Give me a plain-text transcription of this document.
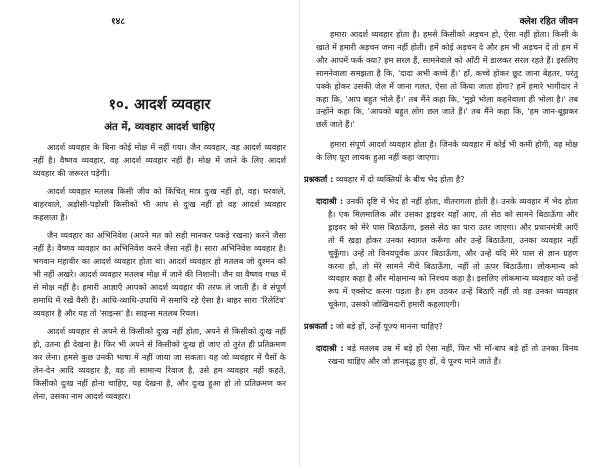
१४८
१०. आदर्श व्यवहार
अंत में, व्यवहार आदर्श चाहिए

आदर्श व्यवहार के बिना कोई मोक्ष में नहीं गया। जैन व्यवहार, वह आदर्श व्यवहार नहीं है। वैष्णव व्यवहार, वह आदर्श व्यवहार नहीं है। मोक्ष में जाने के लिए आदर्श व्यवहार की जरूरत पड़ेगी।

आदर्श व्यवहार मतलब किसी जीव को किंचित् मात्र दुःख नहीं हो, वह। घरवाले, बाहरवाले, अड़ोसी-पड़ोसी किसीको भी आप से दुःख नहीं हो वह आदर्श व्यवहार कहलाता है।

जैन व्यवहार का अभिनिवेश (अपने मत को सही मानकर पकड़े रखना) करने जैसा नहीं है। वैष्णव व्यवहार का अभिनिवेश करने जैसा नहीं है। सारा अभिनिवेश व्यवहार है। भगवान महावीर का आदर्श व्यवहार होता था। आदर्श व्यवहार हो मतलब जो दुश्मन को भी नहीं अखरे। आदर्श व्यवहार मतलब मोक्ष में जाने की निशानी। जैन या वैष्णव गच्छ में से मोक्ष नहीं है। हमारी आज्ञाएँ आपको आदर्श व्यवहार की तरफ ले जाती हैं। वे संपूर्ण समाधि में रखें वैसी हैं। आधि-व्याधि-उपाधि में समाधि रहे ऐसा है। बाहर सारा 'रिलेटिव' व्यवहार है और यह तो 'साइन्स' है। साइन्स मतलब रियल।

आदर्श व्यवहार से अपने से किसीको दुःख नहीं होता, अपने से किसीको दुःख नहीं हो, उतना ही देखना है। फिर भी अपने से किसीको दुःख हो जाए तो तुरंत ही प्रतिक्रमण कर लेना। हमसे कुछ उनकी भाषा में नहीं जाया जा सकता। यह जो व्यवहार में पैसों के लेन-देन आदि व्यवहार है, वह तो सामान्य रिवाज है, उसे हम व्यवहार नहीं कहते, किसीको दुःख नहीं होना चाहिए, यह देखना है, और दुःख हुआ हो तो प्रतिक्रमण कर लेना, उसका नाम आदर्श व्यवहार।

क्लेश रहित जीवन

हमारा आदर्श व्यवहार होता है। हमसे किसीको अड़चन हो, ऐसा नहीं होता। किसी के खाते में हमारी अड़चन जमा नहीं होती। हमें कोई अड़चन दे और हम भी अड़चन दें तो हम में और आपमें फर्क क्या? हम सरल हैं, सामनेवाले को आँटी में डालकर सरल रहते हैं। इसलिए सामनेवाला समझता है कि, 'दादा अभी कच्चे हैं।' हाँ, कच्चे होकर छूट जाना बेहतर, परंतु पक्के होकर उसकी जेल में जाना गलत, ऐसा तो किया जाता होगा? हमें हमारे भागीदार ने कहा कि, 'आप बहुत भोले हैं।' तब मैंने कहा कि, 'मुझे भोला कहनेवाला ही भोला है।' तब उन्होंने कहा कि, 'आपको बहुत लोग छल जाते हैं।' तब मैंने कहा कि, 'हम जान-बूझकर छलें जाते हैं।'

हमारा संपूर्ण आदर्श व्यवहार होता है। जिनके व्यवहार में कोई भी कमी होगी, वह मोक्ष के लिए पूरा लायक हुआ नहीं कहा जाएगा।

प्रश्नकर्ता : व्यवहार में दो व्यक्तियों के बीच भेद होता है?

दादाश्री : उनकी दृष्टि में भेद हो नहीं होता, वीतरागता होती है। उनके व्यवहार में भेद होता है। एक मिलमालिक और उसका ड्राइवर यहाँ आए, तो सेठ को सामने बिठाऊँगा और ड्राइवर को मेरे पास बिठाऊँगा, इससे सेठ का पारा उतर जाएगा। और प्रधानमंत्री आएँ तो मैं खड़ा होकर उनका स्वागत करूँगा और उन्हें बिठाऊँगा, उनका व्यवहार नहीं चूकूँगा। उन्हें तो विनयपूर्वक ऊपर बिठाऊँगा, और उन्हें यदि मेरे पास से ज्ञान ग्रहण करना हो, तो मेरे सामने नीचे बिठाऊँगा, नहीं तो ऊपर बिठाऊँगा। लोकमान्य को व्यवहार कहा है और मोक्षमान्य को निश्चय कहा है। इसलिए लोकमान्य व्यवहार को उन्हें रूप में एक्सेप्ट करना पड़ता है। हम उठकर उन्हें बिठाएँ नहीं तो वह उनका व्यवहार चूकेगा, उसको जोखिमदारी हमारी कहलाएगी।

प्रश्नकर्ता : जो बड़े हों, उन्हें पूज्य मानना चाहिए?

दादाश्री : बड़े मतलब उम्र में बड़े हों ऐसा नहीं, फिर भी माँ-बाप बड़े हों तो उनका विनय रखना चाहिए और जो ज्ञानवृद्ध हुए हों, वे पूज्य माने जाते हैं।
